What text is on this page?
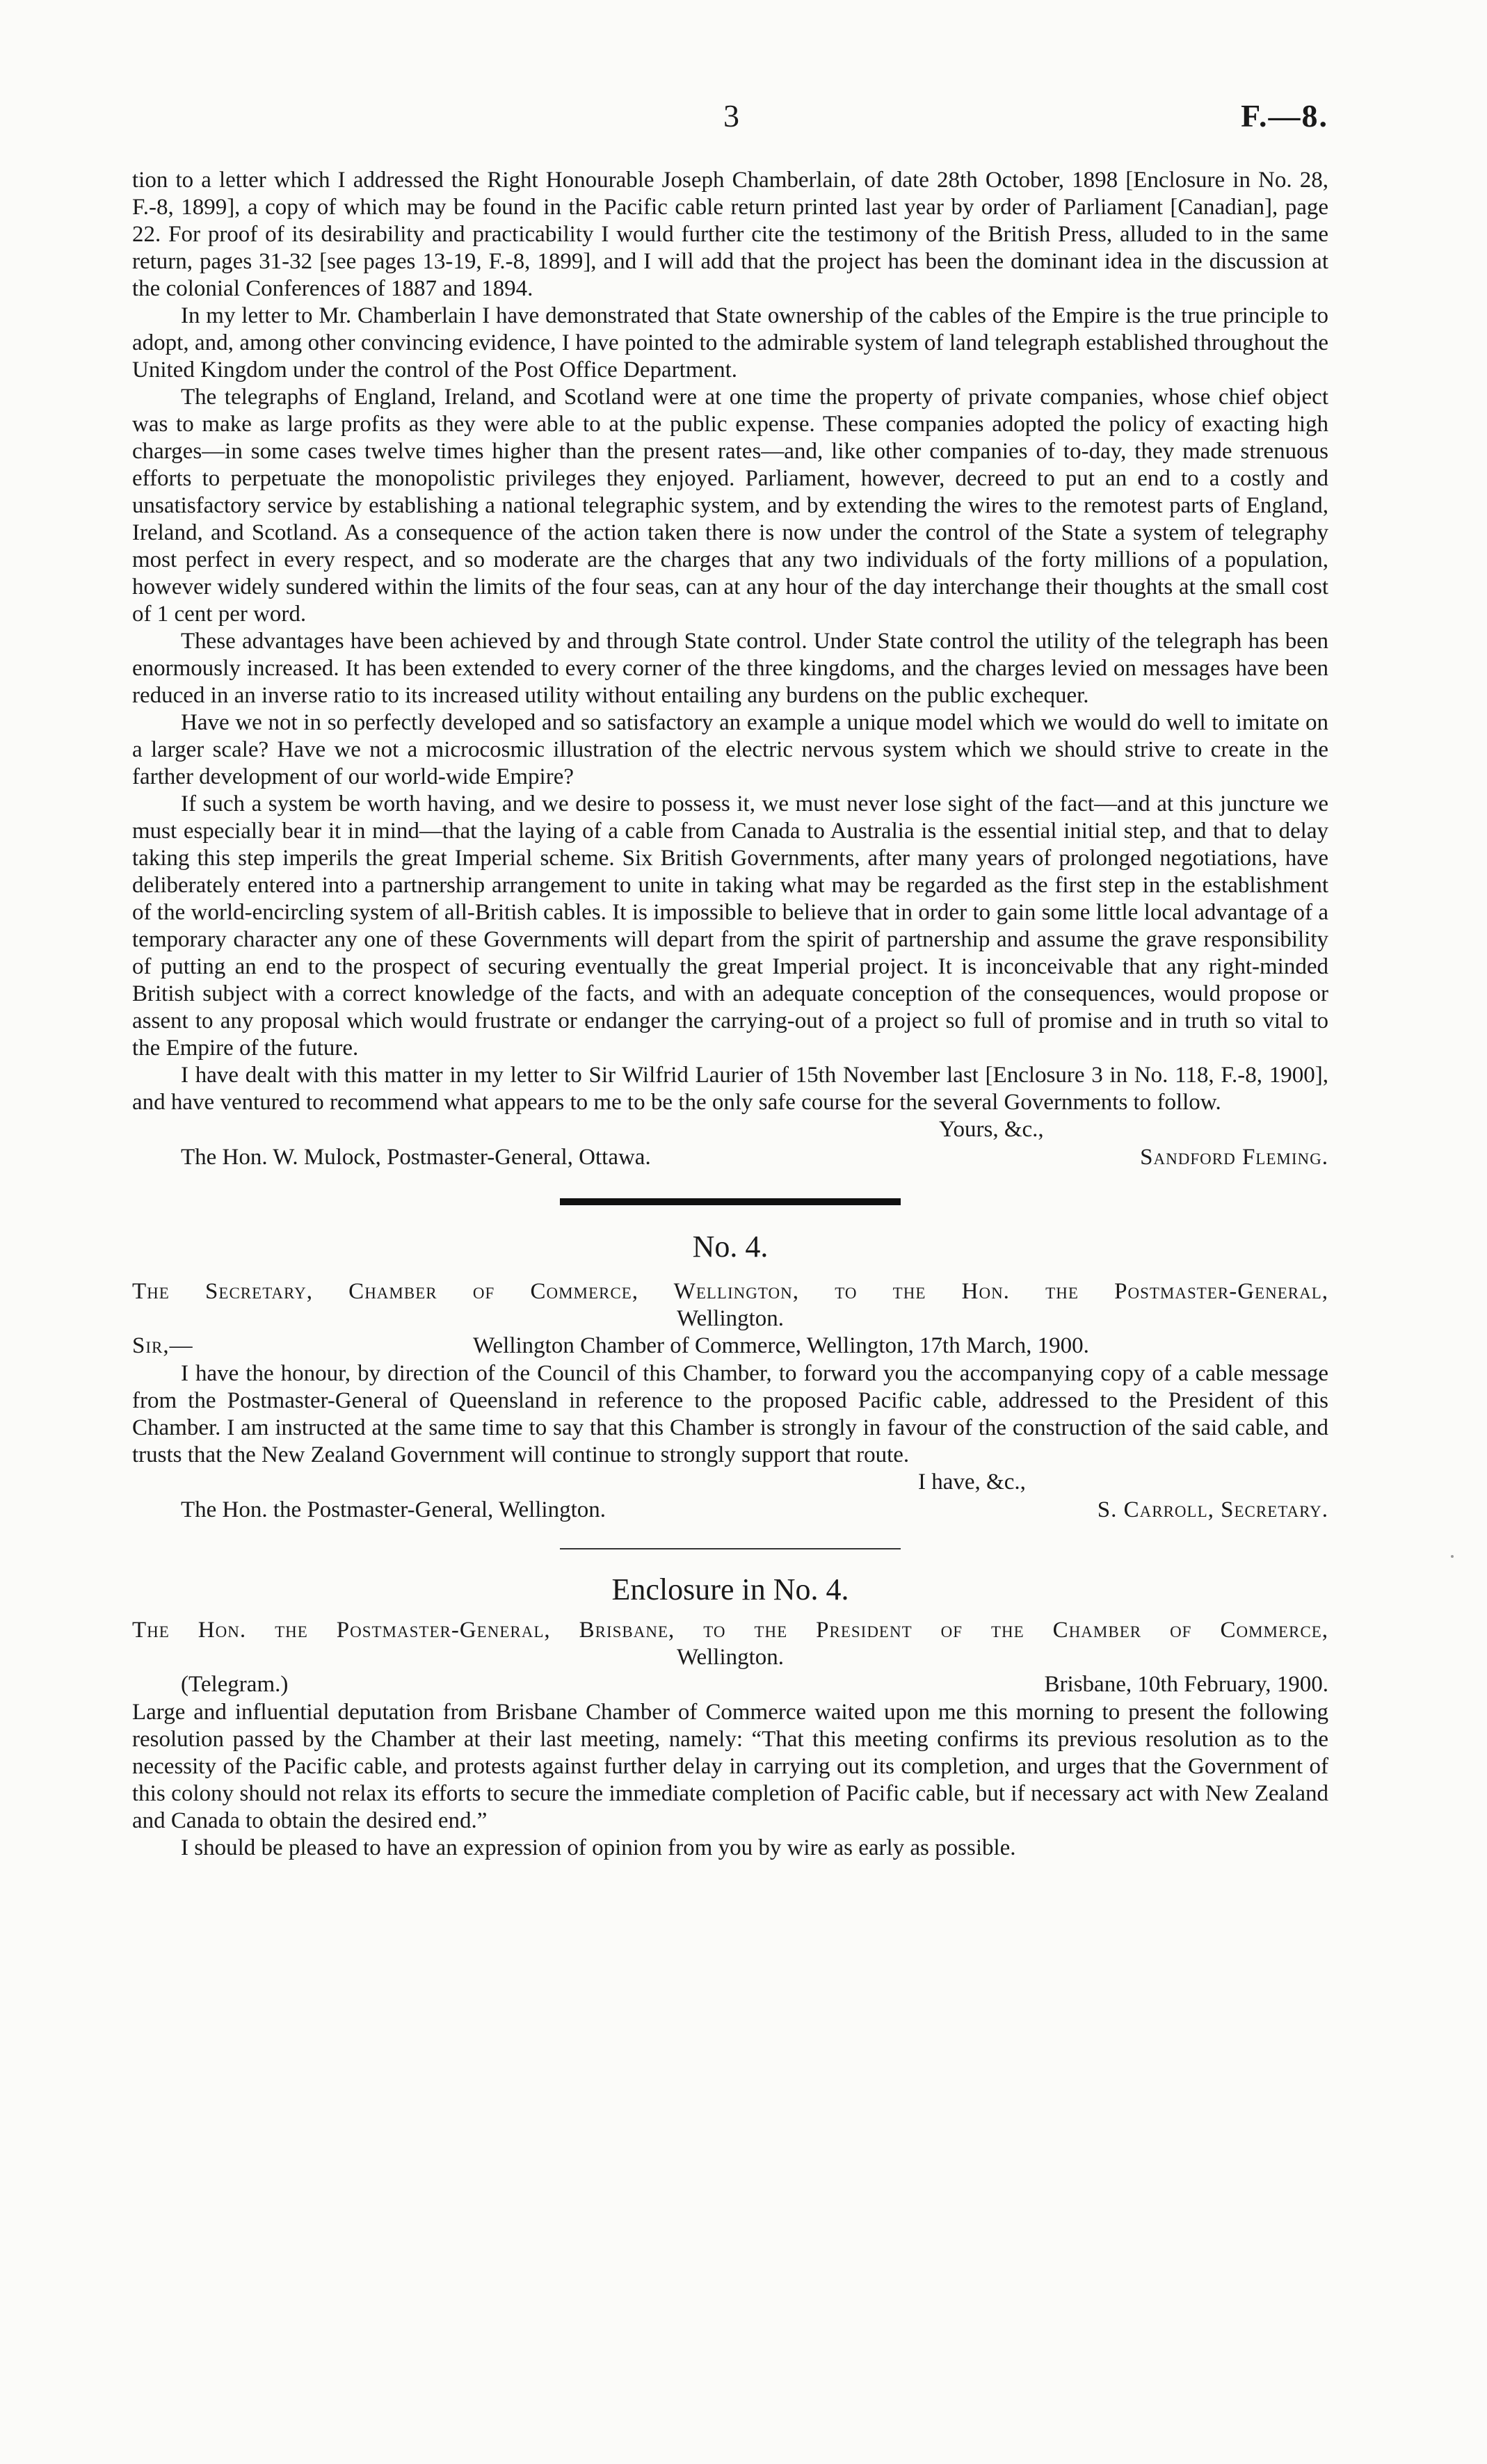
3	F.—8.

tion to a letter which I addressed the Right Honourable Joseph Chamberlain, of date 28th October, 1898 [Enclosure in No. 28, F.-8, 1899], a copy of which may be found in the Pacific cable return printed last year by order of Parliament [Canadian], page 22. For proof of its desirability and practicability I would further cite the testimony of the British Press, alluded to in the same return, pages 31-32 [see pages 13-19, F.-8, 1899], and I will add that the project has been the dominant idea in the discussion at the colonial Conferences of 1887 and 1894.

In my letter to Mr. Chamberlain I have demonstrated that State ownership of the cables of the Empire is the true principle to adopt, and, among other convincing evidence, I have pointed to the admirable system of land telegraph established throughout the United Kingdom under the control of the Post Office Department.

The telegraphs of England, Ireland, and Scotland were at one time the property of private companies, whose chief object was to make as large profits as they were able to at the public expense. These companies adopted the policy of exacting high charges—in some cases twelve times higher than the present rates—and, like other companies of to-day, they made strenuous efforts to perpetuate the monopolistic privileges they enjoyed. Parliament, however, decreed to put an end to a costly and unsatisfactory service by establishing a national telegraphic system, and by extending the wires to the remotest parts of England, Ireland, and Scotland. As a consequence of the action taken there is now under the control of the State a system of telegraphy most perfect in every respect, and so moderate are the charges that any two individuals of the forty millions of a population, however widely sundered within the limits of the four seas, can at any hour of the day interchange their thoughts at the small cost of 1 cent per word.

These advantages have been achieved by and through State control. Under State control the utility of the telegraph has been enormously increased. It has been extended to every corner of the three kingdoms, and the charges levied on messages have been reduced in an inverse ratio to its increased utility without entailing any burdens on the public exchequer.

Have we not in so perfectly developed and so satisfactory an example a unique model which we would do well to imitate on a larger scale? Have we not a microcosmic illustration of the electric nervous system which we should strive to create in the farther development of our world-wide Empire?

If such a system be worth having, and we desire to possess it, we must never lose sight of the fact—and at this juncture we must especially bear it in mind—that the laying of a cable from Canada to Australia is the essential initial step, and that to delay taking this step imperils the great Imperial scheme. Six British Governments, after many years of prolonged negotiations, have deliberately entered into a partnership arrangement to unite in taking what may be regarded as the first step in the establishment of the world-encircling system of all-British cables. It is impossible to believe that in order to gain some little local advantage of a temporary character any one of these Governments will depart from the spirit of partnership and assume the grave responsibility of putting an end to the prospect of securing eventually the great Imperial project. It is inconceivable that any right-minded British subject with a correct knowledge of the facts, and with an adequate conception of the consequences, would propose or assent to any proposal which would frustrate or endanger the carrying-out of a project so full of promise and in truth so vital to the Empire of the future.

I have dealt with this matter in my letter to Sir Wilfrid Laurier of 15th November last [Enclosure 3 in No. 118, F.-8, 1900], and have ventured to recommend what appears to me to be the only safe course for the several Governments to follow.

Yours, &c.,
The Hon. W. Mulock, Postmaster-General, Ottawa.	Sandford Fleming.
No. 4.
The Secretary, Chamber of Commerce, Wellington, to the Hon. the Postmaster-General,
Wellington.
Sir,—	Wellington Chamber of Commerce, Wellington, 17th March, 1900.

I have the honour, by direction of the Council of this Chamber, to forward you the accompanying copy of a cable message from the Postmaster-General of Queensland in reference to the proposed Pacific cable, addressed to the President of this Chamber. I am instructed at the same time to say that this Chamber is strongly in favour of the construction of the said cable, and trusts that the New Zealand Government will continue to strongly support that route.

I have, &c.,
The Hon. the Postmaster-General, Wellington.	S. Carroll, Secretary.
Enclosure in No. 4.
The Hon. the Postmaster-General, Brisbane, to the President of the Chamber of Commerce,
Wellington.
(Telegram.)	Brisbane, 10th February, 1900.

Large and influential deputation from Brisbane Chamber of Commerce waited upon me this morning to present the following resolution passed by the Chamber at their last meeting, namely: “That this meeting confirms its previous resolution as to the necessity of the Pacific cable, and protests against further delay in carrying out its completion, and urges that the Government of this colony should not relax its efforts to secure the immediate completion of Pacific cable, but if necessary act with New Zealand and Canada to obtain the desired end.”

I should be pleased to have an expression of opinion from you by wire as early as possible.
